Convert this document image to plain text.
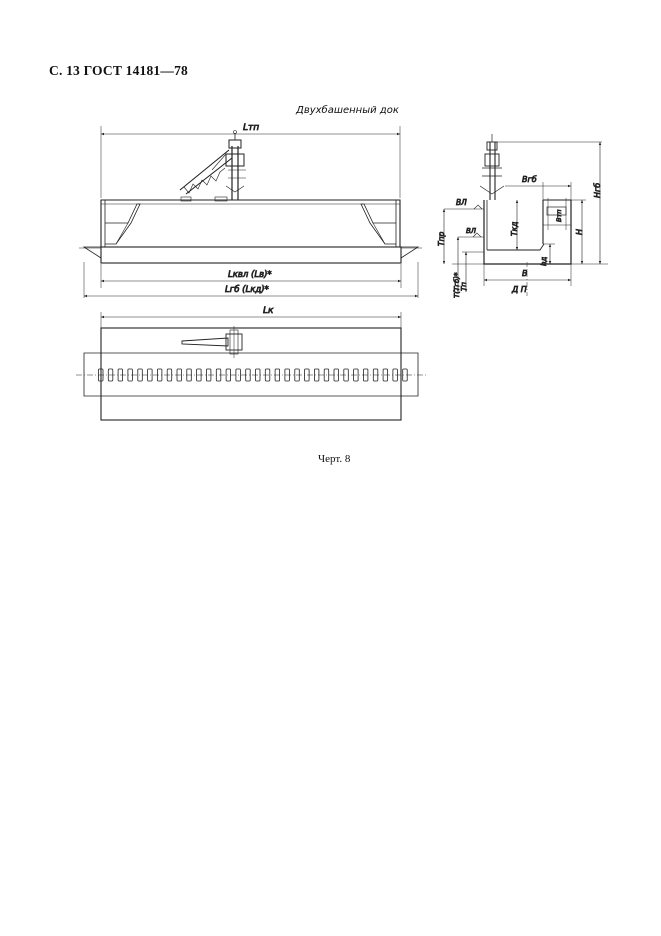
С. 13 ГОСТ 14181—78
Двухбашенный док
Lтп
Lквл (Lв)*
Lгб (Lкд)*
ВЛ
ВЛ
Вгб
Втп
Тпр
Ткд	Н
Нгб
hд
Т(Тгб)* Тп
В
Д П
Lк
Черт. 8
